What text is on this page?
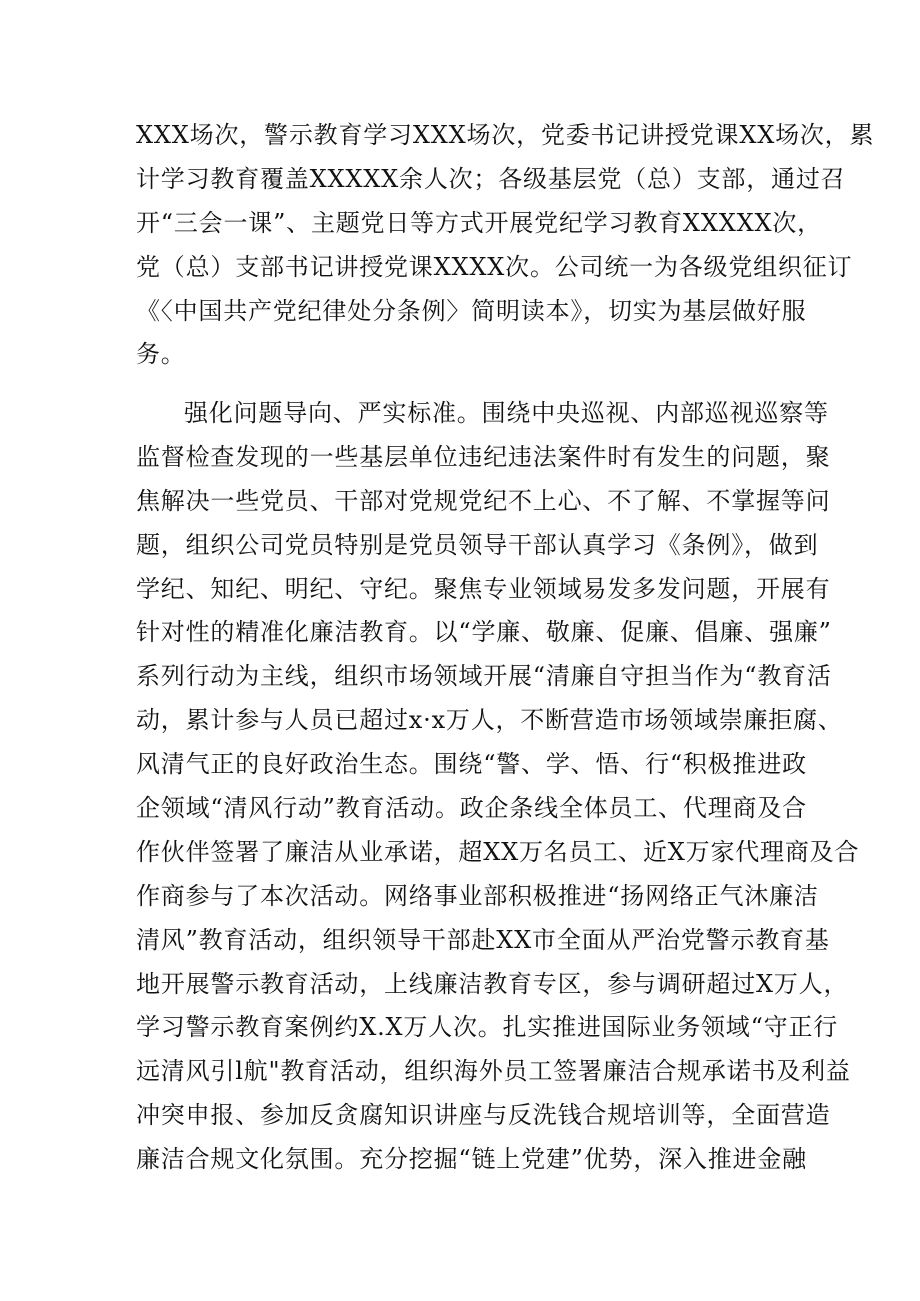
XXX场次，警示教育学习XXX场次，党委书记讲授党课XX场次，累
计学习教育覆盖XXXXX余人次；各级基层党（总）支部，通过召
开“三会一课”、主题党日等方式开展党纪学习教育XXXXX次，
党（总）支部书记讲授党课XXXX次。公司统一为各级党组织征订
《〈中国共产党纪律处分条例〉简明读本》，切实为基层做好服
务。
强化问题导向、严实标准。围绕中央巡视、内部巡视巡察等
监督检查发现的一些基层单位违纪违法案件时有发生的问题，聚
焦解决一些党员、干部对党规党纪不上心、不了解、不掌握等问
题，组织公司党员特别是党员领导干部认真学习《条例》，做到
学纪、知纪、明纪、守纪。聚焦专业领域易发多发问题，开展有
针对性的精准化廉洁教育。以“学廉、敬廉、促廉、倡廉、强廉”
系列行动为主线，组织市场领域开展“清廉自守担当作为“教育活
动，累计参与人员已超过x·x万人，不断营造市场领域崇廉拒腐、
风清气正的良好政治生态。围绕“警、学、悟、行“积极推进政
企领域“清风行动”教育活动。政企条线全体员工、代理商及合
作伙伴签署了廉洁从业承诺，超XX万名员工、近X万家代理商及合
作商参与了本次活动。网络事业部积极推进“扬网络正气沐廉洁
清风”教育活动，组织领导干部赴XX市全面从严治党警示教育基
地开展警示教育活动，上线廉洁教育专区，参与调研超过X万人，
学习警示教育案例约X.X万人次。扎实推进国际业务领域“守正行
远清风引l航"教育活动，组织海外员工签署廉洁合规承诺书及利益
冲突申报、参加反贪腐知识讲座与反洗钱合规培训等，全面营造
廉洁合规文化氛围。充分挖掘“链上党建”优势，深入推进金融
